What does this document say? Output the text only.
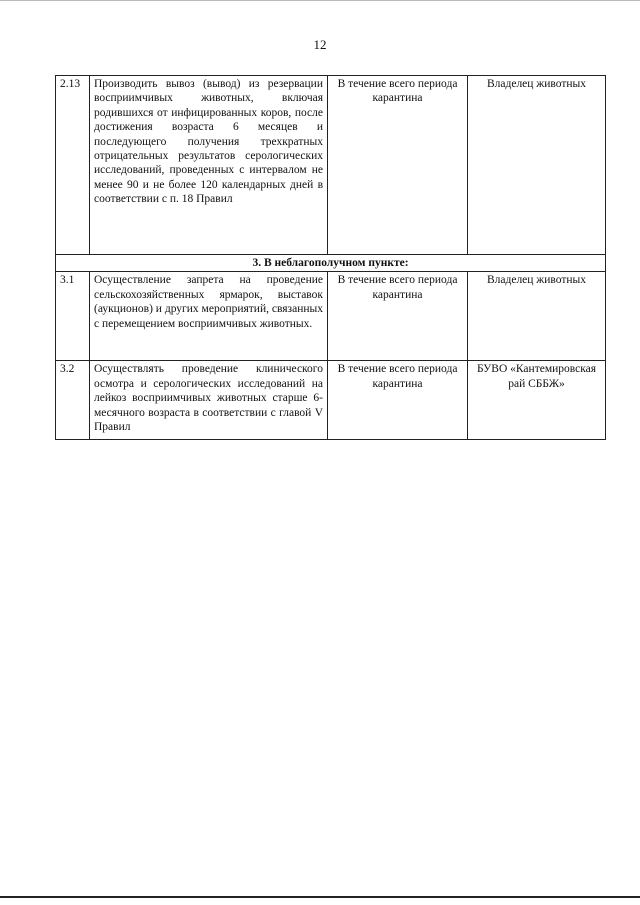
12
2.13	Производить вывоз (вывод) из резервации восприимчивых животных, включая родившихся от инфицированных коров, после достижения возраста 6 месяцев и последующего получения трехкратных отрицательных результатов серологических исследований, проведенных с интервалом не менее 90 и не более 120 календарных дней в соответствии с п. 18 Правил	В течение всего периода карантина	Владелец животных
3. В неблагополучном пункте:			
3.1	Осуществление запрета на проведение сельскохозяйственных ярмарок, выставок (аукционов) и других мероприятий, связанных с перемещением восприимчивых животных.	В течение всего периода карантина	Владелец животных
3.2	Осуществлять проведение клинического осмотра и серологических исследований на лейкоз восприимчивых животных старше 6-месячного возраста в соответствии с главой V Правил	В течение всего периода карантина	БУВО «Кантемировская рай СББЖ»
